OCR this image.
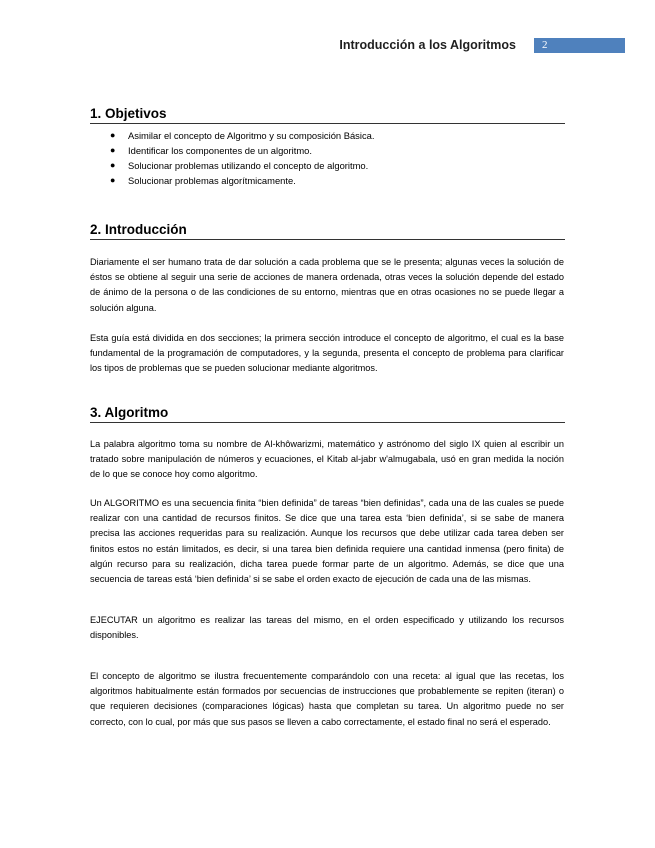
Introducción a los Algoritmos	2
1. Objetivos
● Asimilar el concepto de Algoritmo y su composición Básica.
● Identificar los componentes de un algoritmo.
● Solucionar problemas utilizando el concepto de algoritmo.
● Solucionar problemas algorítmicamente.
2. Introducción

Diariamente el ser humano trata de dar solución a cada problema que se le presenta; algunas veces la solución de éstos se obtiene al seguir una serie de acciones de manera ordenada, otras veces la solución depende del estado de ánimo de la persona o de las condiciones de su entorno, mientras que en otras ocasiones no se puede llegar a solución alguna.

Esta guía está dividida en dos secciones; la primera sección introduce el concepto de algoritmo, el cual es la base fundamental de la programación de computadores, y la segunda, presenta el concepto de problema para clarificar los tipos de problemas que se pueden solucionar mediante algoritmos.

3. Algoritmo

La palabra algoritmo toma su nombre de Al-khôwarizmi, matemático y astrónomo del siglo IX quien al escribir un tratado sobre manipulación de números y ecuaciones, el Kitab al-jabr w'almugabala, usó en gran medida la noción de lo que se conoce hoy como algoritmo.

Un ALGORITMO es una secuencia finita “bien definida” de tareas “bien definidas”, cada una de las cuales se puede realizar con una cantidad de recursos finitos. Se dice que una tarea esta ‘bien definida’, si se sabe de manera precisa las acciones requeridas para su realización. Aunque los recursos que debe utilizar cada tarea deben ser finitos estos no están limitados, es decir, si una tarea bien definida requiere una cantidad inmensa (pero finita) de algún recurso para su realización, dicha tarea puede formar parte de un algoritmo. Además, se dice que una secuencia de tareas está ‘bien definida’ si se sabe el orden exacto de ejecución de cada una de las mismas.

EJECUTAR un algoritmo es realizar las tareas del mismo, en el orden especificado y utilizando los recursos disponibles.

El concepto de algoritmo se ilustra frecuentemente comparándolo con una receta: al igual que las recetas, los algoritmos habitualmente están formados por secuencias de instrucciones que probablemente se repiten (iteran) o que requieren decisiones (comparaciones lógicas) hasta que completan su tarea. Un algoritmo puede no ser correcto, con lo cual, por más que sus pasos se lleven a cabo correctamente, el estado final no será el esperado.
